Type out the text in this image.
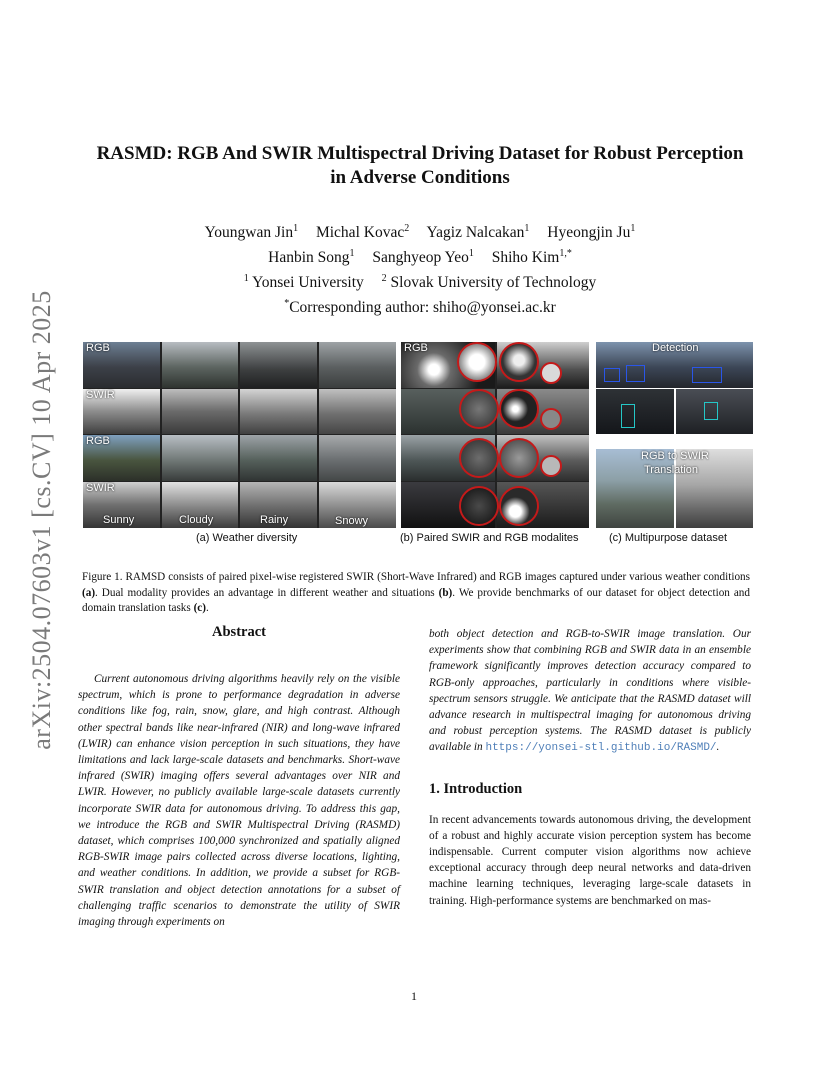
arXiv:2504.07603v1 [cs.CV] 10 Apr 2025
RASMD: RGB And SWIR Multispectral Driving Dataset for Robust Perception
in Adverse Conditions
Youngwan Jin$^1$ Michal Kovac$^2$ Yagiz Nalcakan$^1$ Hyeongjin Ju$^1$
Hanbin Song$^1$ Sanghyeop Yeo$^1$ Shiho Kim$^{1,*}$
$^1$ Yonsei University $^2$ Slovak University of Technology
*Corresponding author: shiho@yonsei.ac.kr
RGB
SWIR
RGB
SWIR
Sunny	Cloudy	Rainy	Snowy
(a) Weather diversity
RGB
(b) Paired SWIR and RGB modalites
Detection
RGB to SWIR
Translation
(c) Multipurpose dataset
Figure 1. RAMSD consists of paired pixel-wise registered SWIR (Short-Wave Infrared) and RGB images captured under various weather conditions (a). Dual modality provides an advantage in different weather and situations (b). We provide benchmarks of our dataset for object detection and domain translation tasks (c).
Abstract

Current autonomous driving algorithms heavily rely on the visible spectrum, which is prone to performance degradation in adverse conditions like fog, rain, snow, glare, and high contrast. Although other spectral bands like near-infrared (NIR) and long-wave infrared (LWIR) can enhance vision perception in such situations, they have limitations and lack large-scale datasets and benchmarks. Short-wave infrared (SWIR) imaging offers several advantages over NIR and LWIR. However, no publicly available large-scale datasets currently incorporate SWIR data for autonomous driving. To address this gap, we introduce the RGB and SWIR Multispectral Driving (RASMD) dataset, which comprises 100,000 synchronized and spatially aligned RGB-SWIR image pairs collected across diverse locations, lighting, and weather conditions. In addition, we provide a subset for RGB-SWIR translation and object detection annotations for a subset of challenging traffic scenarios to demonstrate the utility of SWIR imaging through experiments on

both object detection and RGB-to-SWIR image translation. Our experiments show that combining RGB and SWIR data in an ensemble framework significantly improves detection accuracy compared to RGB-only approaches, particularly in conditions where visible-spectrum sensors struggle. We anticipate that the RASMD dataset will advance research in multispectral imaging for autonomous driving and robust perception systems. The RASMD dataset is publicly available in https://yonsei-stl.github.io/RASMD/.

1. Introduction

In recent advancements towards autonomous driving, the development of a robust and highly accurate vision perception system has become indispensable. Current computer vision algorithms now achieve exceptional accuracy through deep neural networks and data-driven machine learning techniques, leveraging large-scale datasets in training. High-performance systems are benchmarked on mas-

1
